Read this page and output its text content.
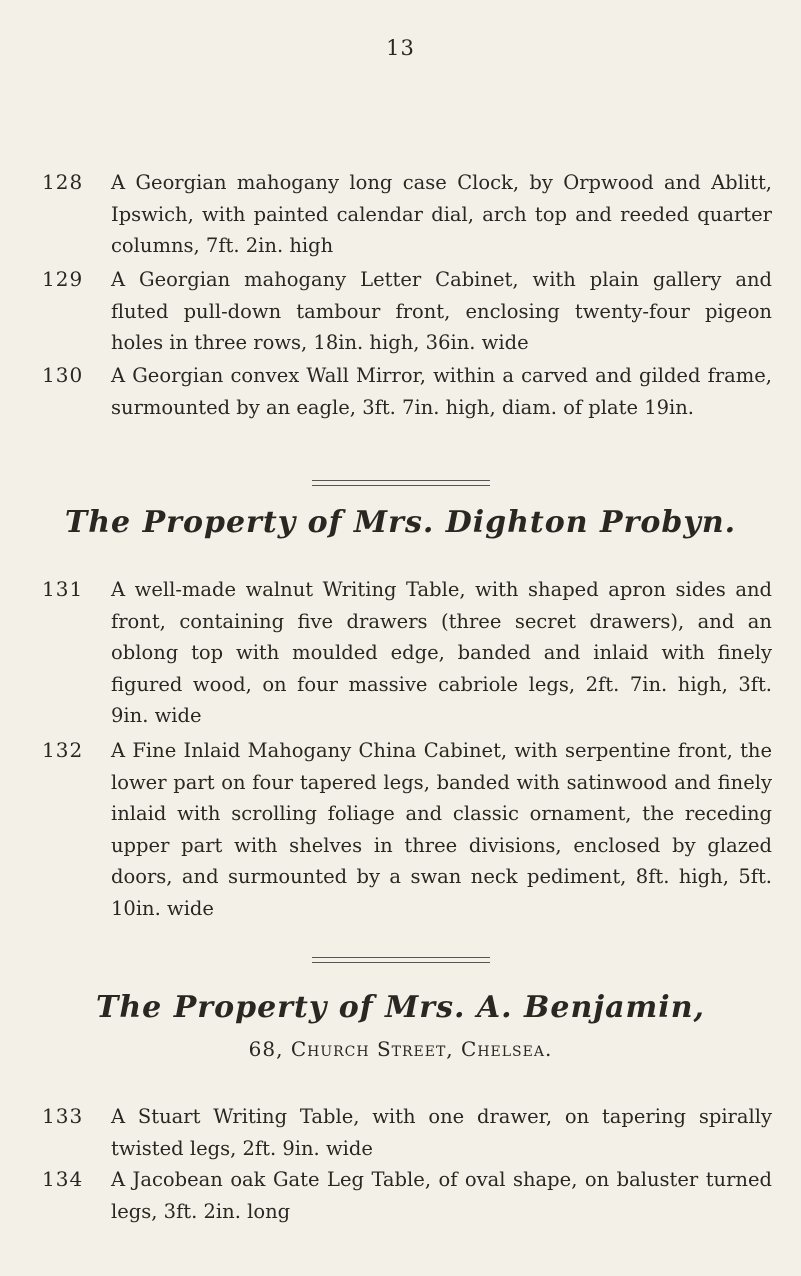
13
128	A Georgian mahogany long case Clock, by Orpwood and Ablitt, Ipswich, with painted calendar dial, arch top and reeded quarter columns, 7ft. 2in. high
129	A Georgian mahogany Letter Cabinet, with plain gallery and fluted pull-down tambour front, enclosing twenty-four pigeon holes in three rows, 18in. high, 36in. wide
130	A Georgian convex Wall Mirror, within a carved and gilded frame, surmounted by an eagle, 3ft. 7in. high, diam. of plate 19in.
The Property of Mrs. Dighton Probyn.
131	A well-made walnut Writing Table, with shaped apron sides and front, containing five drawers (three secret drawers), and an oblong top with moulded edge, banded and inlaid with finely figured wood, on four massive cabriole legs, 2ft. 7in. high, 3ft. 9in. wide
132	A Fine Inlaid Mahogany China Cabinet, with serpentine front, the lower part on four tapered legs, banded with satinwood and finely inlaid with scrolling foliage and classic ornament, the receding upper part with shelves in three divisions, enclosed by glazed doors, and surmounted by a swan neck pediment, 8ft. high, 5ft. 10in. wide
The Property of Mrs. A. Benjamin,
68, Church Street, Chelsea.
133	A Stuart Writing Table, with one drawer, on tapering spirally twisted legs, 2ft. 9in. wide
134	A Jacobean oak Gate Leg Table, of oval shape, on baluster turned legs, 3ft. 2in. long
